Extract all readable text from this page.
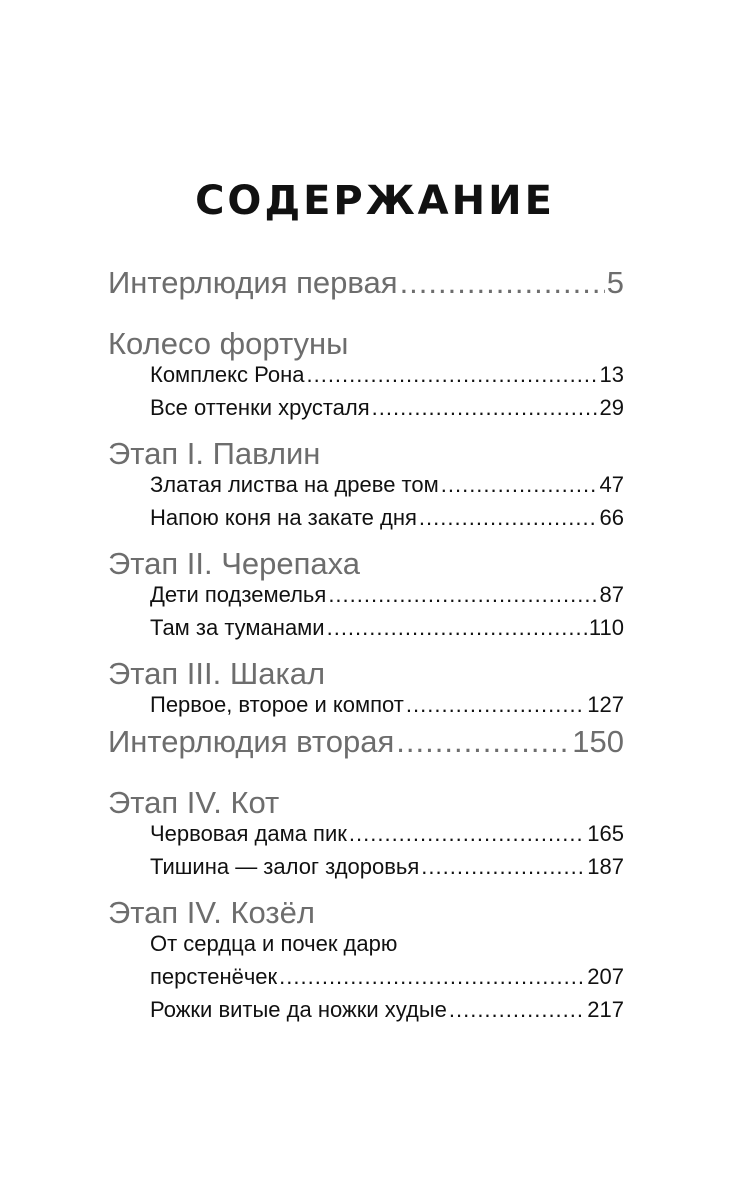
СОДЕРЖАНИЕ
Интерлюдия первая .....	5
Колесо фортуны
Комплекс Рона .....	13
Все оттенки хрусталя .....	29
Этап I. Павлин
Златая листва на древе том .....	47
Напою коня на закате дня .....	66
Этап II. Черепаха
Дети подземелья .....	87
Там за туманами .....	110
Этап III. Шакал
Первое, второе и компот .....	127
Интерлюдия вторая .....	150
Этап IV. Кот
Червовая дама пик .....	165
Тишина — залог здоровья .....	187
Этап IV. Козёл
От сердца и почек дарю
перстенёчек .....	207
Рожки витые да ножки худые .....	217
